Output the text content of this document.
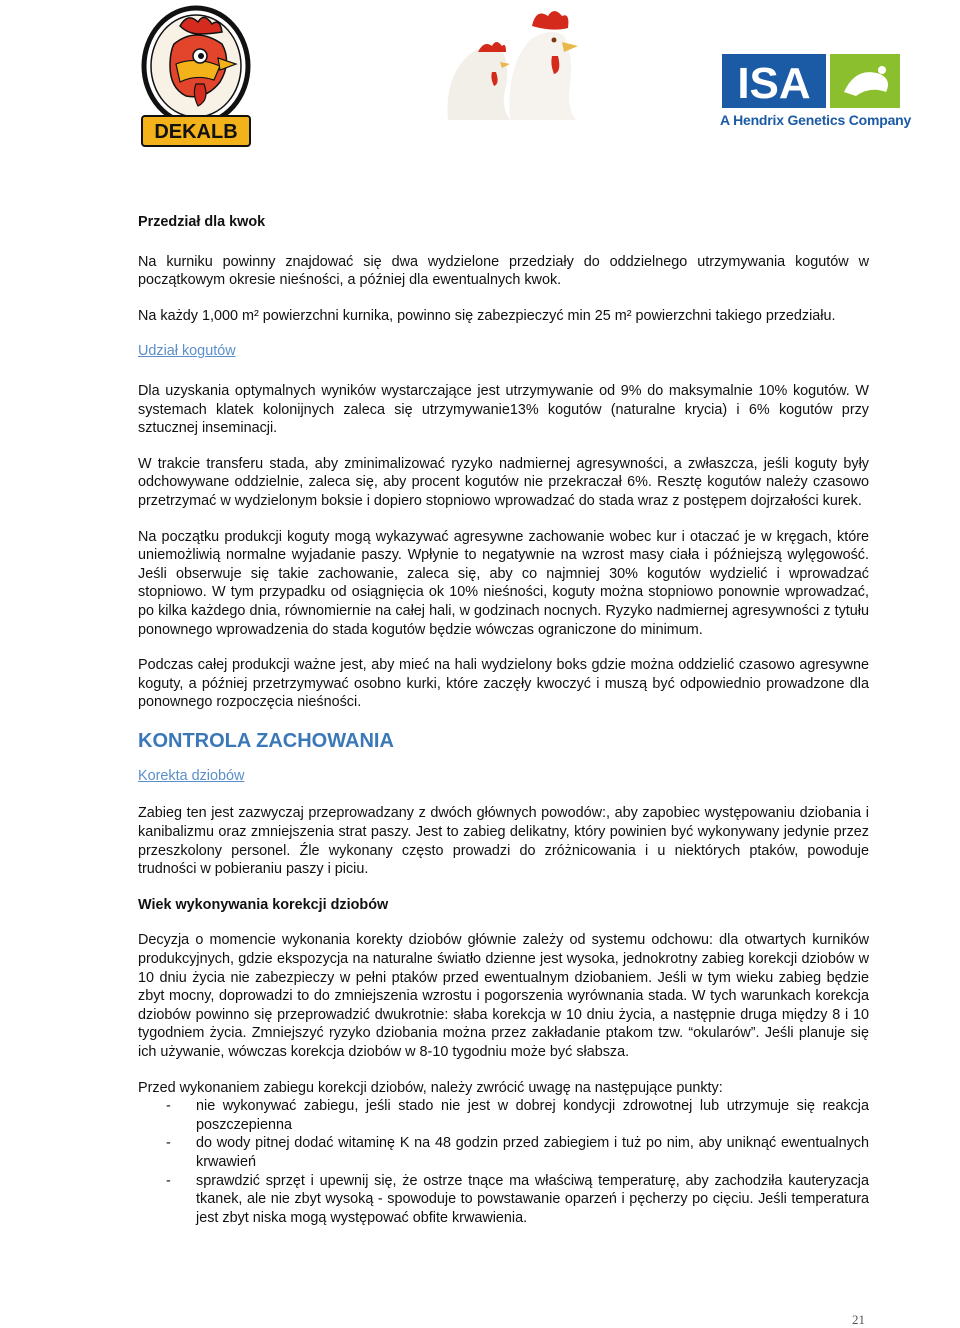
DEKALB
ISA
A Hendrix Genetics Company

Przedział dla kwok

Na kurniku powinny znajdować się dwa wydzielone przedziały do oddzielnego utrzymywania kogutów w początkowym okresie nieśności, a później dla ewentualnych kwok.

Na każdy 1,000 m² powierzchni kurnika, powinno się zabezpieczyć min 25 m² powierzchni takiego przedziału.

Udział kogutów

Dla uzyskania optymalnych wyników wystarczające jest utrzymywanie od 9% do maksymalnie 10% kogutów. W systemach klatek kolonijnych zaleca się utrzymywanie13% kogutów (naturalne krycia) i 6% kogutów przy sztucznej inseminacji.

W trakcie transferu stada, aby zminimalizować ryzyko nadmiernej agresywności, a zwłaszcza, jeśli koguty były odchowywane oddzielnie, zaleca się, aby procent kogutów nie przekraczał 6%. Resztę kogutów należy czasowo przetrzymać w wydzielonym boksie i dopiero stopniowo wprowadzać do stada wraz z postępem dojrzałości kurek.

Na początku produkcji koguty mogą wykazywać agresywne zachowanie wobec kur i otaczać je w kręgach, które uniemożliwią normalne wyjadanie paszy. Wpłynie to negatywnie na wzrost masy ciała i późniejszą wylęgowość. Jeśli obserwuje się takie zachowanie, zaleca się, aby co najmniej 30% kogutów wydzielić i wprowadzać stopniowo. W tym przypadku od osiągnięcia ok 10% nieśności, koguty można stopniowo ponownie wprowadzać, po kilka każdego dnia, równomiernie na całej hali, w godzinach nocnych. Ryzyko nadmiernej agresywności z tytułu ponownego wprowadzenia do stada kogutów będzie wówczas ograniczone do minimum.

Podczas całej produkcji ważne jest, aby mieć na hali wydzielony boks gdzie można oddzielić czasowo agresywne koguty, a później przetrzymywać osobno kurki, które zaczęły kwoczyć i muszą być odpowiednio prowadzone dla ponownego rozpoczęcia nieśności.

KONTROLA ZACHOWANIA

Korekta dziobów

Zabieg ten jest zazwyczaj przeprowadzany z dwóch głównych powodów:, aby zapobiec występowaniu dziobania i kanibalizmu oraz zmniejszenia strat paszy. Jest to zabieg delikatny, który powinien być wykonywany jedynie przez przeszkolony personel. Źle wykonany często prowadzi do zróżnicowania i u niektórych ptaków, powoduje trudności w pobieraniu paszy i piciu.

Wiek wykonywania korekcji dziobów

Decyzja o momencie wykonania korekty dziobów głównie zależy od systemu odchowu: dla otwartych kurników produkcyjnych, gdzie ekspozycja na naturalne światło dzienne jest wysoka, jednokrotny zabieg korekcji dziobów w 10 dniu życia nie zabezpieczy w pełni ptaków przed ewentualnym dziobaniem. Jeśli w tym wieku zabieg będzie zbyt mocny, doprowadzi to do zmniejszenia wzrostu i pogorszenia wyrównania stada. W tych warunkach korekcja dziobów powinno się przeprowadzić dwukrotnie: słaba korekcja w 10 dniu życia, a następnie druga między 8 i 10 tygodniem życia. Zmniejszyć ryzyko dziobania można przez zakładanie ptakom tzw. “okularów”. Jeśli planuje się ich używanie, wówczas korekcja dziobów w 8-10 tygodniu może być słabsza.

Przed wykonaniem zabiegu korekcji dziobów, należy zwrócić uwagę na następujące punkty:

- nie wykonywać zabiegu, jeśli stado nie jest w dobrej kondycji zdrowotnej lub utrzymuje się reakcja poszczepienna
- do wody pitnej dodać witaminę K na 48 godzin przed zabiegiem i tuż po nim, aby uniknąć ewentualnych krwawień
- sprawdzić sprzęt i upewnij się, że ostrze tnące ma właściwą temperaturę, aby zachodziła kauteryzacja tkanek, ale nie zbyt wysoką - spowoduje to powstawanie oparzeń i pęcherzy po cięciu. Jeśli temperatura jest zbyt niska mogą występować obfite krwawienia.
21
